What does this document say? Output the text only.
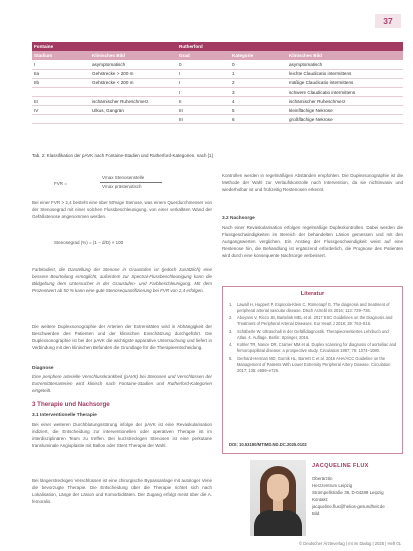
37
Fontaine		Rutherford		
Stadium	Klinisches Bild	Grad	Kategorie	Klinisches Bild
I	asymptomatisch	0	0	asymptomatisch
IIa	Gehstrecke > 200 m	I	1	leichte Claudicatio intermittens
IIb	Gehstrecke < 200 m	I	2	mäßige Claudicatio intermittens
		I	3	schwere Claudicatio intermittens
III	ischämischer Ruheschmerz	II	4	ischämischer Ruheschmerz
IV	Ulkus, Gangrän	III	5	kleinflächige Nekrose
		III	6	großflächige Nekrose
Tab. 2: Klassifikation der pAVK nach Fontaine-Stadien und Rutherford-Kategorien, nach [1]
FVR =
Vmax Stenosenstelle
Vmax prästenotisch
Bei einer FVR > 2,4 besteht eine über 50%ige Stenose, was einem Querdurchmesser von der Stenosegrad mit einer solchen Flussbeschleunigung, von einer verkalkten Wand der Gefäßstenose angenommen werden.
Stenosegrad (%) = (1 − d/D) × 100
Farbkodiert, die Darstellung der Stenose in Graustufen ist (jedoch zusätzlich) eine bessere Beurteilung ermöglicht, außerdem zur Spectral-Flussbeschleunigung kann die Bildgebung dem Untersucher in der Graustufen- und Farbbeschleunigung. Mit dem Prozentwert ab 50 % kann eine gute Stenosequantifizierung bei FVR von 2,4 erfolgen.
Die weitere Duplexsonographie der Arterien der Extremitäten wird in Abhängigkeit der Beschwerden des Patienten und der klinischen Einschätzung durchgeführt. Die Duplexsonographie ist bei der pAVK die wichtigste apparative Untersuchung und liefert in Verbindung mit den klinischen Befunden die Grundlage für die Therapieentscheidung.
Diagnose
Eine periphere arterielle Verschlusskrankheit (pAVK) bei Stenosen und Verschlüssen der Extremitätenarterien wird klinisch nach Fontaine-Stadien und Rutherford-Kategorien eingeteilt.
3 Therapie und Nachsorge
3.1 Interventionelle Therapie
Bei einer weiteren Durchblutungsstörung infolge der pAVK ist eine Revaskularisation indiziert, die Entscheidung zur interventionellen oder operativen Therapie ist im interdisziplinären Team zu treffen. Bei kurzstreckigen Stenosen ist eine perkutane transluminale Angioplastie mit Ballon oder Stent Therapie der Wahl.
Bei längerstreckigen Verschlüssen ist eine chirurgische Bypassanlage mit autologer Vene die bevorzugte Therapie. Die Entscheidung über die Therapie richtet sich nach Lokalisation, Länge der Läsion und Komorbiditäten. Der Zugang erfolgt meist über die A. femoralis.
Kontrollen werden in regelmäßigen Abständen empfohlen. Die Duplexsonographie ist die Methode der Wahl zur Verlaufskontrolle nach Intervention, da sie nichtinvasiv und wiederholbar ist und frühzeitig Restenosen erkennt.
3.2 Nachsorge
Nach einer Revaskularisation erfolgen regelmäßige Duplexkontrollen. Dabei werden die Flussgeschwindigkeiten im Bereich der behandelten Läsion gemessen und mit den Ausgangswerten verglichen. Ein Anstieg der Flussgeschwindigkeit weist auf eine Restenose hin, die Behandlung ist ergänzend erforderlich, die Prognose des Patienten wird durch eine konsequente Nachsorge verbessert.
Literatur
1. Lawall H, Huppert P, Espinola-Klein C, Rümenapf G. The diagnosis and treatment of peripheral arterial vascular disease. Dtsch Arztebl Int 2016; 113: 729–736.
2. Aboyans V, Ricco JB, Bartelink MEL et al. 2017 ESC Guidelines on the Diagnosis and Treatment of Peripheral Arterial Diseases. Eur Heart J 2018; 39: 763–816.
3. Schäberle W. Ultraschall in der Gefäßdiagnostik. Therapieorientiertes Lehrbuch und Atlas. 4. Auflage. Berlin: Springer, 2016.
4. Kohler TR, Nance DR, Cramer MM et al. Duplex scanning for diagnosis of aortoiliac and femoropopliteal disease: a prospective study. Circulation 1987; 76: 1074–1080.
5. Gerhard-Herman MD, Gornik HL, Barrett C et al. 2016 AHA/ACC Guideline on the Management of Patients With Lower Extremity Peripheral Artery Disease. Circulation 2017; 135: e686–e725.
DOI: 10.53180/MTIMD.ND.DC.2025.0102
JACQUELINE FLUX
Oberärztin
Herzzentrum Leipzig
Strümpellstraße 39, D-04289 Leipzig
Kontakt:
jacqueline.flux@helios-gesundheit.de
Bild
© Deutscher Ärzteverlag | mt im Dialog | 2025 | Heft 01
